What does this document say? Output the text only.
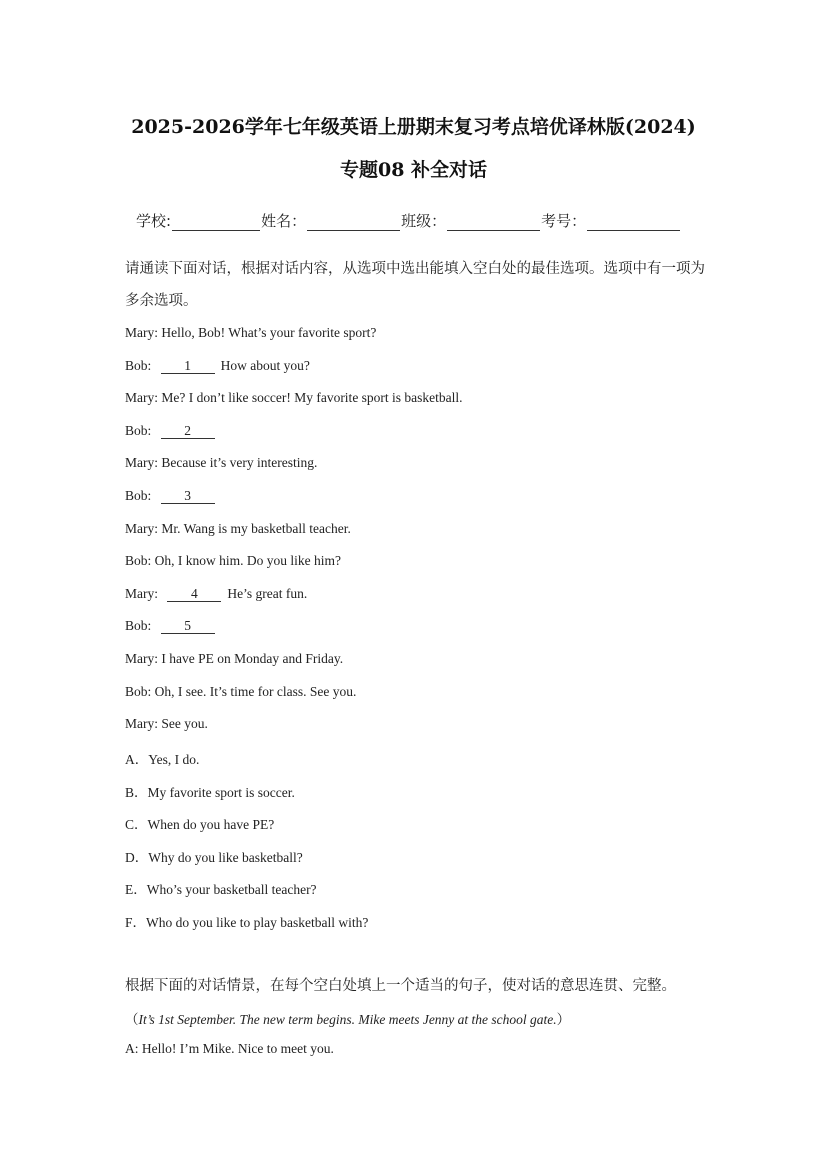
2025-2026学年七年级英语上册期末复习考点培优译林版(2024)
专题08 补全对话
学校:	姓名：	班级：	考号：
请通读下面对话，根据对话内容，从选项中选出能填入空白处的最佳选项。选项中有一项为多余选项。
Mary: Hello, Bob! What’s your favorite sport?
Bob: 1 How about you?
Mary: Me? I don’t like soccer! My favorite sport is basketball.
Bob: 2
Mary: Because it’s very interesting.
Bob: 3
Mary: Mr. Wang is my basketball teacher.
Bob: Oh, I know him. Do you like him?
Mary: 4 He’s great fun.
Bob: 5
Mary: I have PE on Monday and Friday.
Bob: Oh, I see. It’s time for class. See you.
Mary: See you.
A．Yes, I do.
B．My favorite sport is soccer.
C．When do you have PE?
D．Why do you like basketball?
E．Who’s your basketball teacher?
F．Who do you like to play basketball with?
根据下面的对话情景，在每个空白处填上一个适当的句子，使对话的意思连贯、完整。
（It’s 1st September. The new term begins. Mike meets Jenny at the school gate.）
A: Hello! I’m Mike. Nice to meet you.
